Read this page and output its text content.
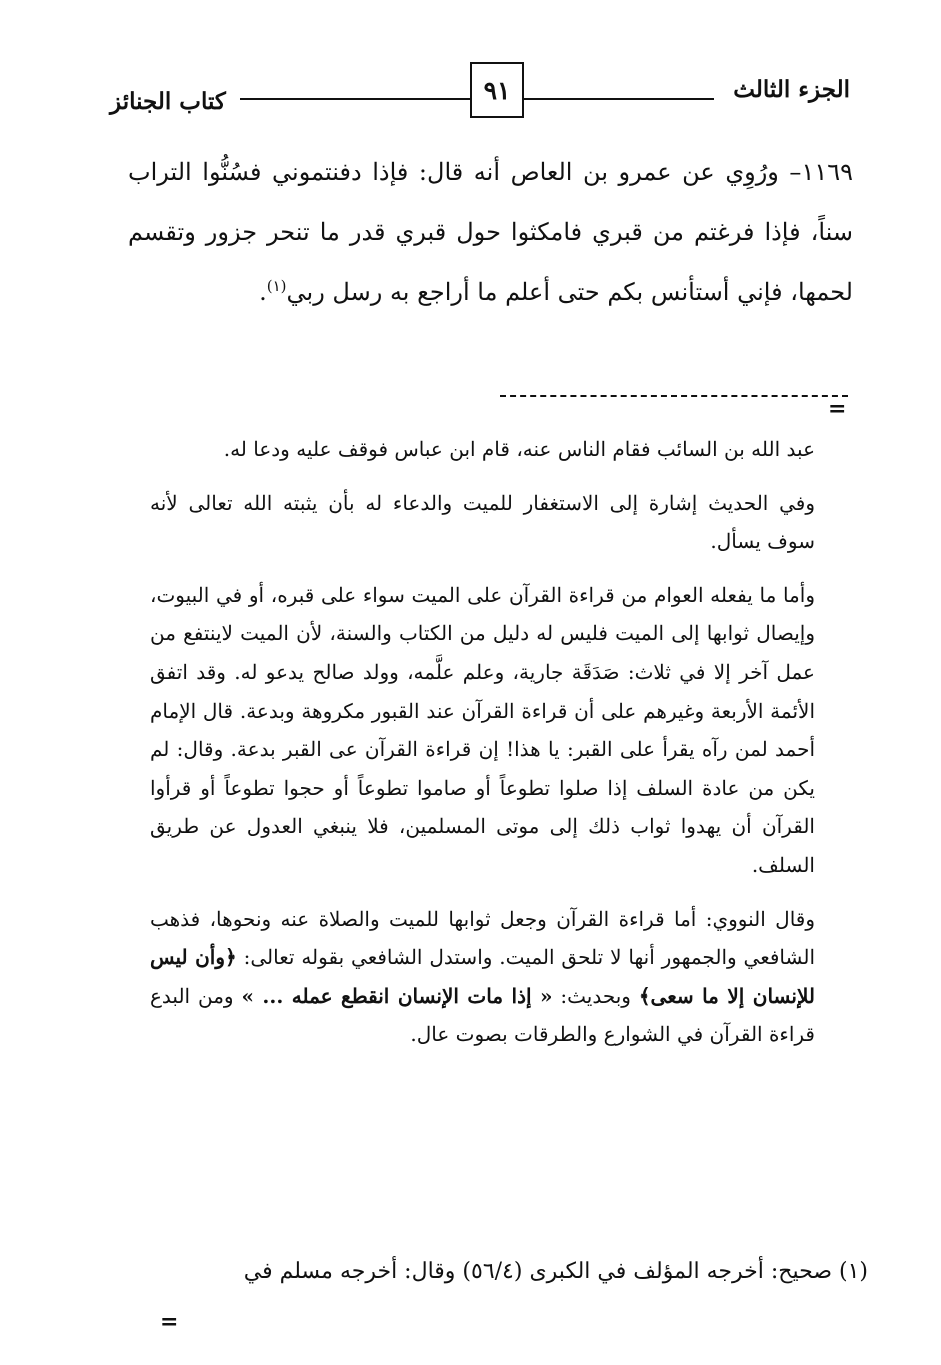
الجزء الثالث
٩١
كتاب الجنائز

١١٦٩– ورُوِي عن عمرو بن العاص أنه قال: فإذا دفنتموني فسُنُّوا التراب سناً، فإذا فرغتم من قبري فامكثوا حول قبري قدر ما تنحر جزور وتقسم لحمها، فإني أستأنس بكم حتى أعلم ما أراجع به رسل ربي$^{(١)}$.

=

عبد الله بن السائب فقام الناس عنه، قام ابن عباس فوقف عليه ودعا له.

وفي الحديث إشارة إلى الاستغفار للميت والدعاء له بأن يثبته الله تعالى لأنه سوف يسأل.

وأما ما يفعله العوام من قراءة القرآن على الميت سواء على قبره، أو في البيوت، وإيصال ثوابها إلى الميت فليس له دليل من الكتاب والسنة، لأن الميت لاينتفع من عمل آخر إلا في ثلاث: صَدَقَة جارية، وعلم علَّمه، وولد صالح يدعو له. وقد اتفق الأئمة الأربعة وغيرهم على أن قراءة القرآن عند القبور مكروهة وبدعة. قال الإمام أحمد لمن رآه يقرأ على القبر: يا هذا! إن قراءة القرآن عى القبر بدعة. وقال: لم يكن من عادة السلف إذا صلوا تطوعاً أو صاموا تطوعاً أو حجوا تطوعاً أو قرأوا القرآن أن يهدوا ثواب ذلك إلى موتى المسلمين، فلا ينبغي العدول عن طريق السلف.

وقال النووي: أما قراءة القرآن وجعل ثوابها للميت والصلاة عنه ونحوها، فذهب الشافعي والجمهور أنها لا تلحق الميت. واستدل الشافعي بقوله تعالى: ﴿وأن ليس للإنسان إلا ما سعى﴾ وبحديث: « إذا مات الإنسان انقطع عمله ... » ومن البدع قراءة القرآن في الشوارع والطرقات بصوت عال.

(١) صحيح: أخرجه المؤلف في الكبرى (٥٦/٤) وقال: أخرجه مسلم في

=
